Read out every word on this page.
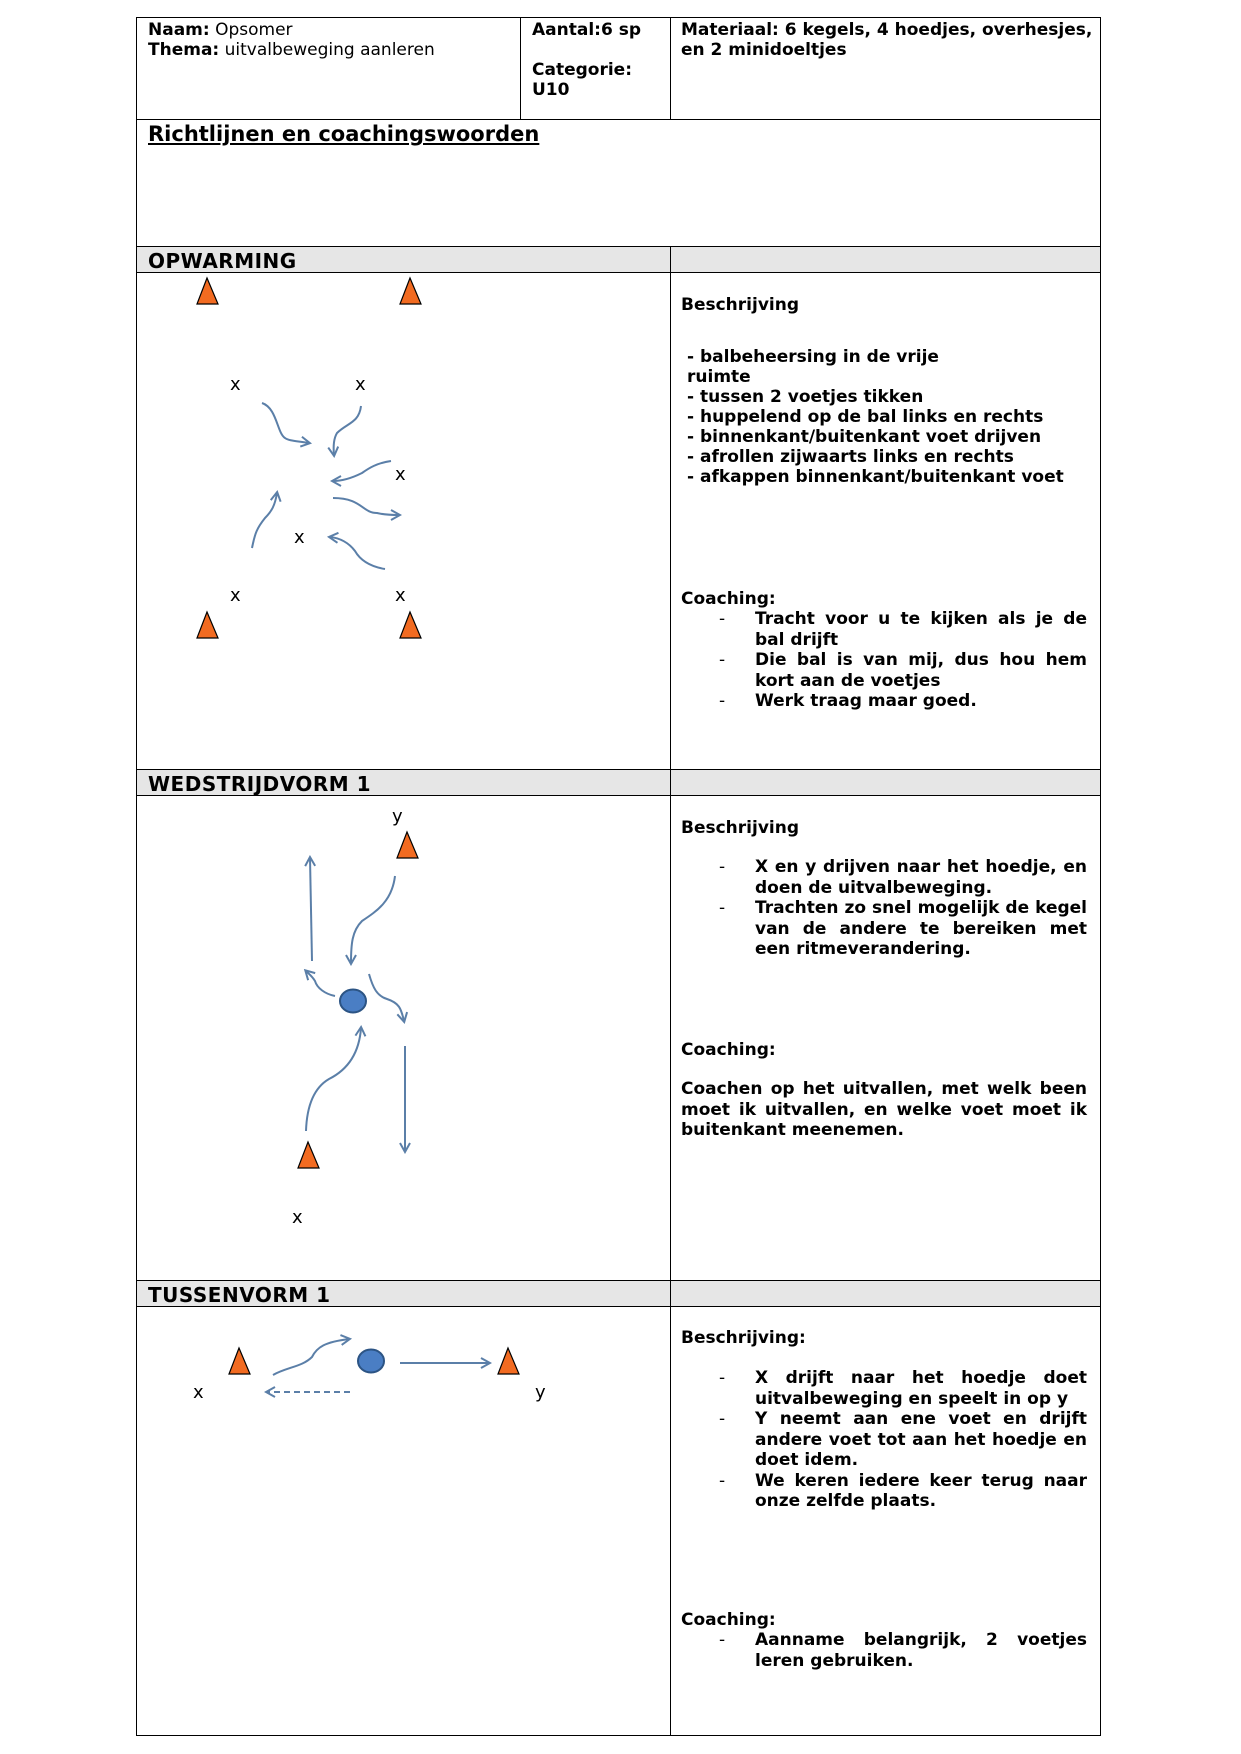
Naam: Opsomer
Thema: uitvalbeweging aanleren
Aantal:6 sp
Categorie:
U10
Materiaal: 6 kegels, 4 hoedjes, overhesjes,
en 2 minidoeltjes
Richtlijnen en coachingswoorden
OPWARMING
Beschrijving
- balbeheersing in de vrije
ruimte
- tussen 2 voetjes tikken
- huppelend op de bal links en rechts
- binnenkant/buitenkant voet drijven
- afrollen zijwaarts links en rechts
- afkappen binnenkant/buitenkant voet
Coaching:
- Tracht voor u te kijken als je de bal drijft
- Die bal is van mij, dus hou hem kort aan de voetjes
- Werk traag maar goed.
x	x
x
x
x	x
WEDSTRIJDVORM 1
Beschrijving
- X en y drijven naar het hoedje, en doen de uitvalbeweging.
- Trachten zo snel mogelijk de kegel van de andere te bereiken met een ritmeverandering.
Coaching:
Coachen op het uitvallen, met welk been moet ik uitvallen, en welke voet moet ik buitenkant meenemen.
y
x
TUSSENVORM 1
Beschrijving:
- X drijft naar het hoedje doet uitvalbeweging en speelt in op y
- Y neemt aan ene voet en drijft andere voet tot aan het hoedje en doet idem.
- We keren iedere keer terug naar onze zelfde plaats.
Coaching:
- Aanname belangrijk, 2 voetjes leren gebruiken.
x	y
